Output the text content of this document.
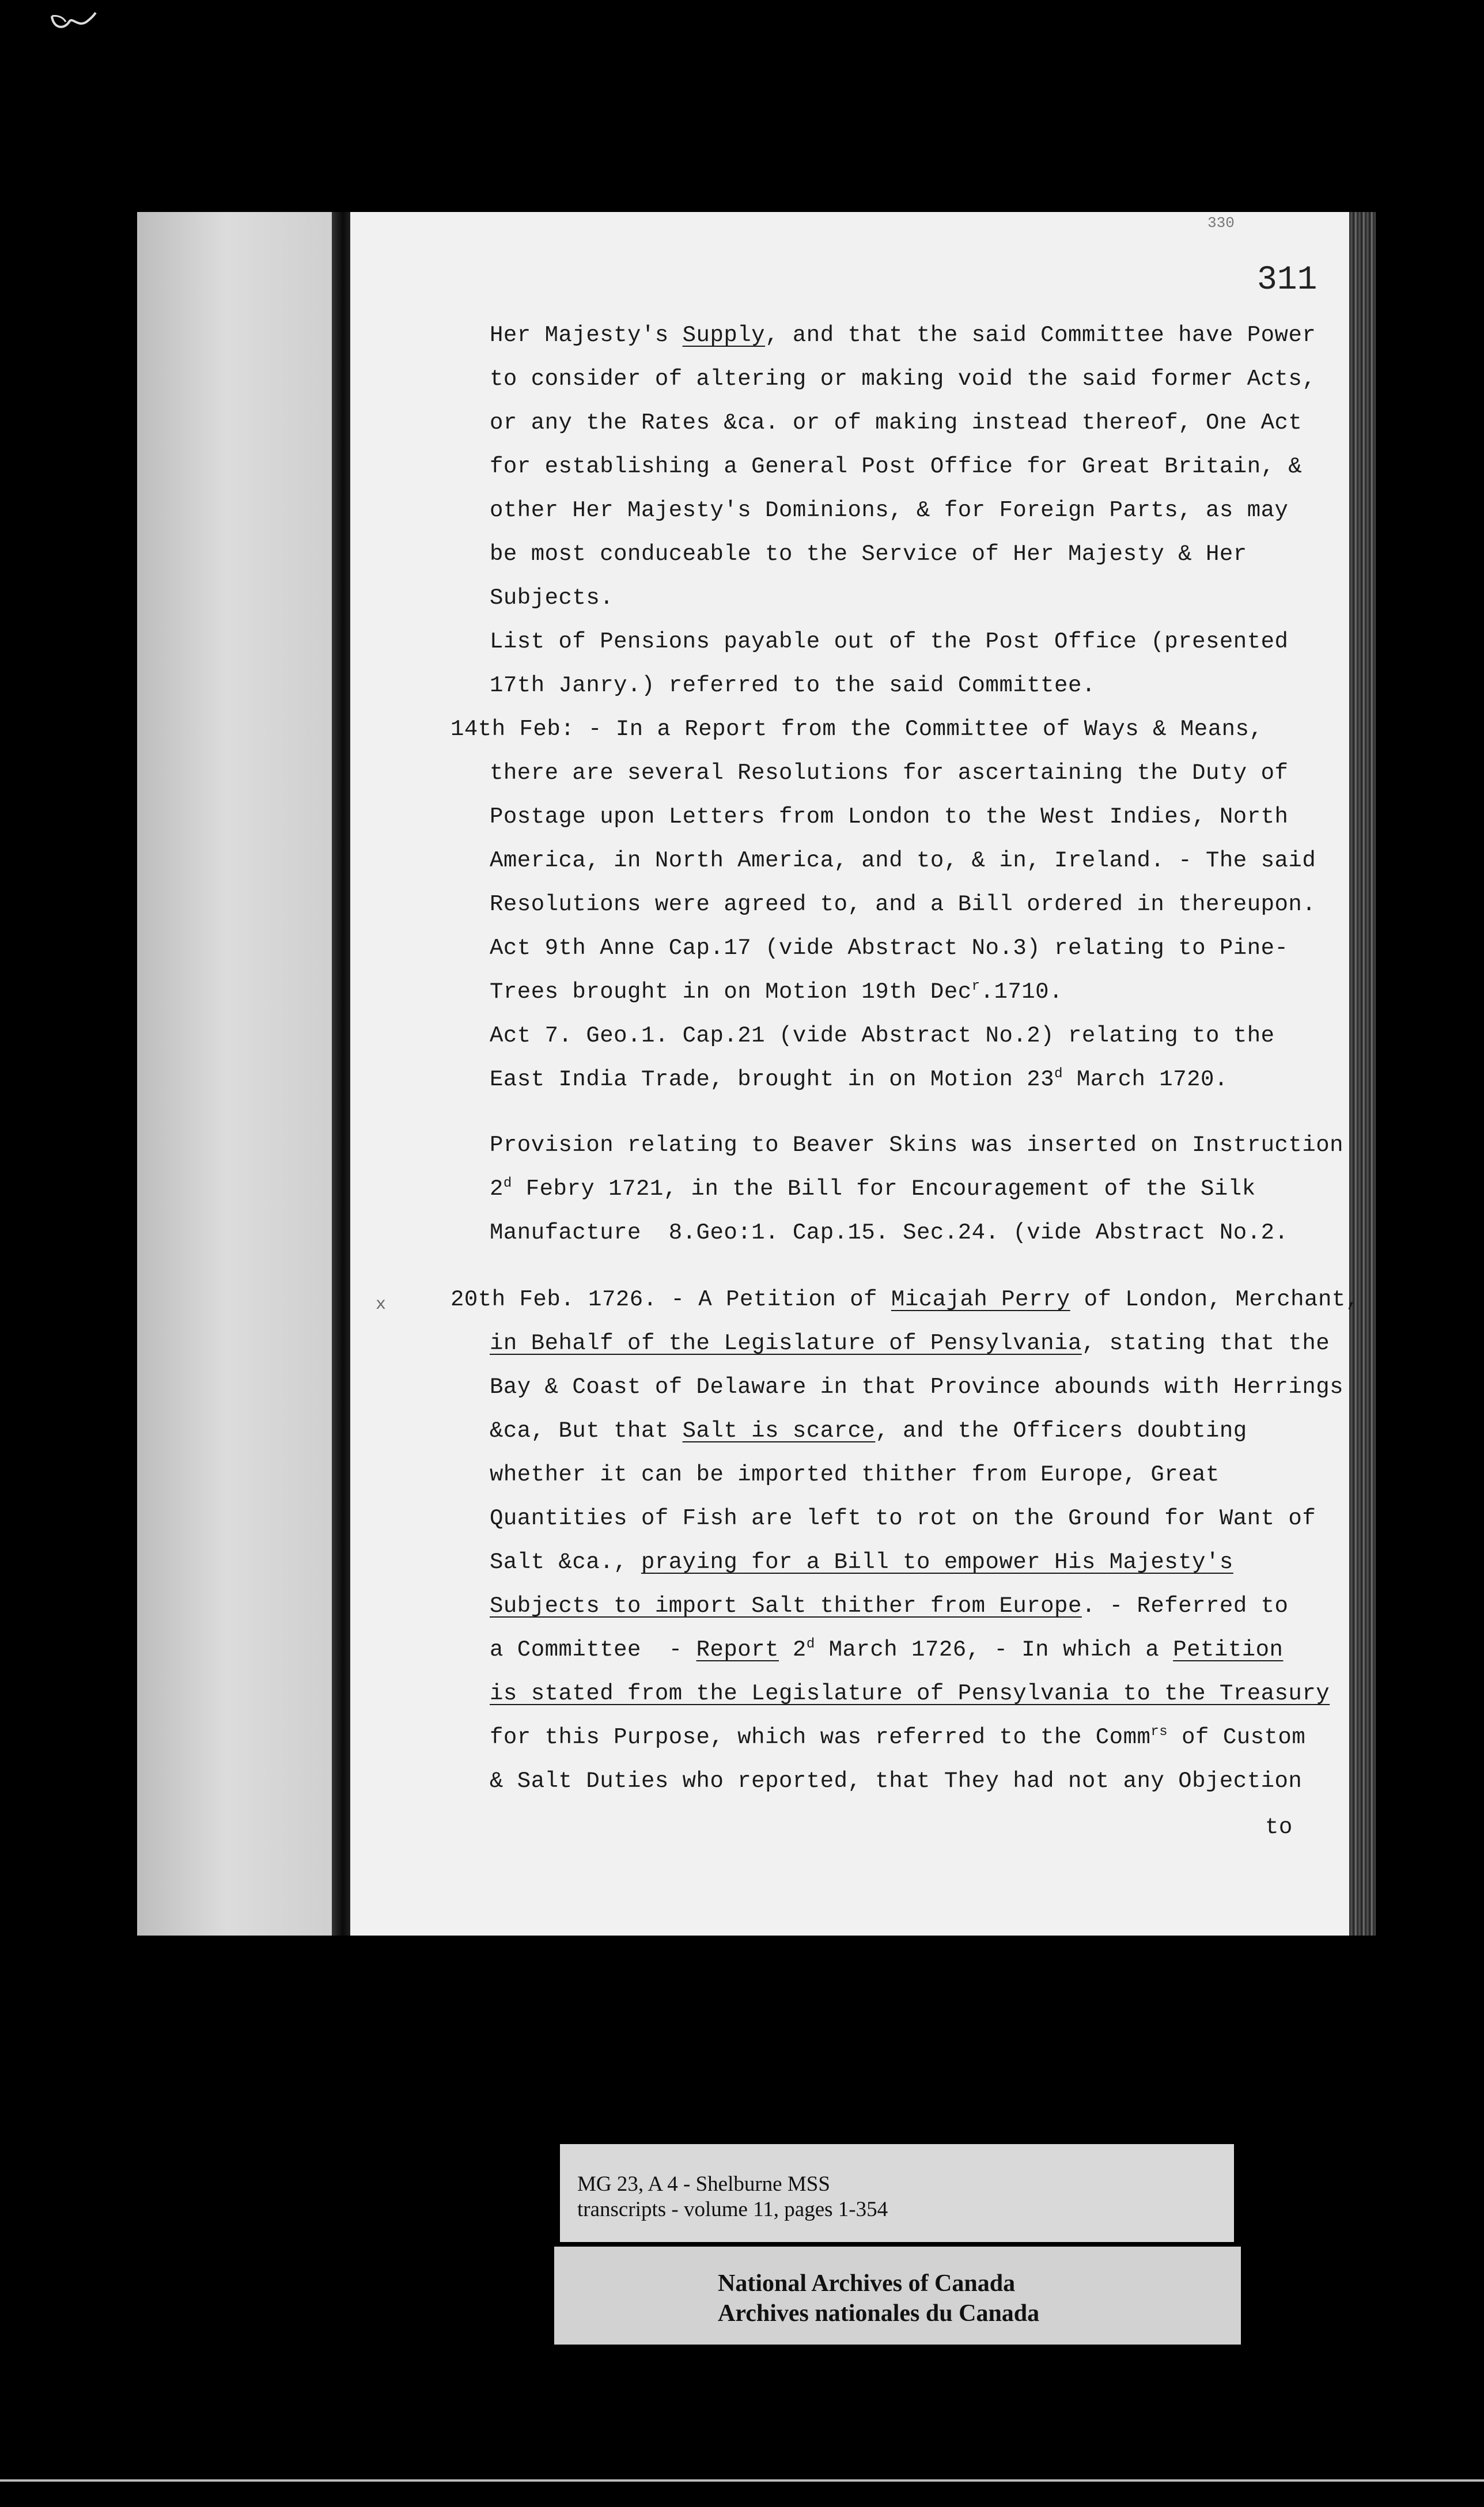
330
311
x
Her Majesty's Supply, and that the said Committee have Power
to consider of altering or making void the said former Acts,
or any the Rates &ca. or of making instead thereof, One Act
for establishing a General Post Office for Great Britain, &
other Her Majesty's Dominions, & for Foreign Parts, as may
be most conduceable to the Service of Her Majesty & Her
Subjects.
List of Pensions payable out of the Post Office (presented
17th Janry.) referred to the said Committee.
14th Feb: - In a Report from the Committee of Ways & Means,
there are several Resolutions for ascertaining the Duty of
Postage upon Letters from London to the West Indies, North
America, in North America, and to, & in, Ireland. - The said
Resolutions were agreed to, and a Bill ordered in thereupon.
Act 9th Anne Cap.17 (vide Abstract No.3) relating to Pine-
Trees brought in on Motion 19th Dec$^r$.1710.
Act 7. Geo.1. Cap.21 (vide Abstract No.2) relating to the
East India Trade, brought in on Motion 23$^d$ March 1720.
Provision relating to Beaver Skins was inserted on Instruction
2$^d$ Febry 1721, in the Bill for Encouragement of the Silk
Manufacture  8.Geo:1. Cap.15. Sec.24. (vide Abstract No.2.
20th Feb. 1726. - A Petition of Micajah Perry of London, Merchant,
in Behalf of the Legislature of Pensylvania, stating that the
Bay & Coast of Delaware in that Province abounds with Herrings
&ca, But that Salt is scarce, and the Officers doubting
whether it can be imported thither from Europe, Great
Quantities of Fish are left to rot on the Ground for Want of
Salt &ca., praying for a Bill to empower His Majesty's
Subjects to import Salt thither from Europe. - Referred to
a Committee  - Report 2$^d$ March 1726, - In which a Petition
is stated from the Legislature of Pensylvania to the Treasury
for this Purpose, which was referred to the Comm$^{rs}$ of Custom
& Salt Duties who reported, that They had not any Objection
to
MG 23, A 4 - Shelburne MSS
transcripts - volume 11, pages 1-354
National Archives of Canada
Archives nationales du Canada
